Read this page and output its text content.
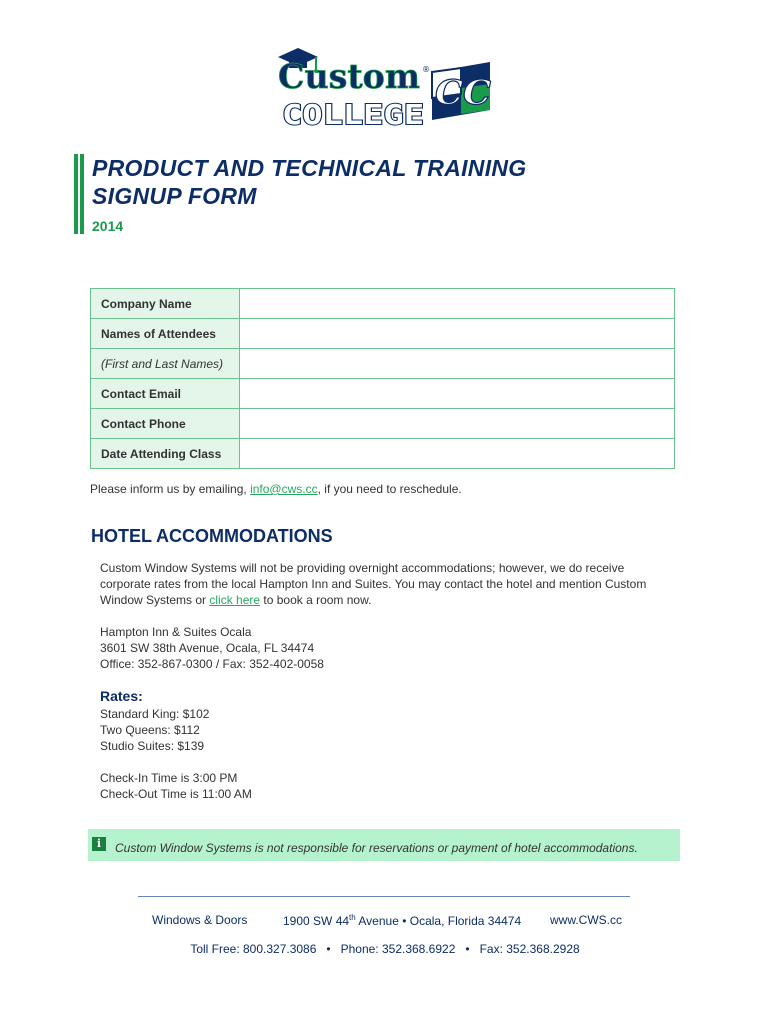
Custom ®
COLLEGE
CC
PRODUCT AND TECHNICAL TRAINING
SIGNUP FORM
2014
Company Name	
Names of Attendees	
(First and Last Names)	
Contact Email	
Contact Phone	
Date Attending Class	
Please inform us by emailing, info@cws.cc, if you need to reschedule.
HOTEL ACCOMMODATIONS

Custom Window Systems will not be providing overnight accommodations; however, we do receive corporate rates from the local Hampton Inn and Suites. You may contact the hotel and mention Custom Window Systems or click here to book a room now.

Hampton Inn & Suites Ocala

3601 SW 38th Avenue, Ocala, FL 34474

Office: 352-867-0300 / Fax: 352-402-0058

Rates:

Standard King: $102

Two Queens: $112

Studio Suites: $139

Check-In Time is 3:00 PM

Check-Out Time is 11:00 AM

i	Custom Window Systems is not responsible for reservations or payment of hotel accommodations.
Windows & Doors	1900 SW 44th Avenue • Ocala, Florida 34474 www.CWS.cc
Toll Free: 800.327.3086   •   Phone: 352.368.6922   •   Fax: 352.368.2928
